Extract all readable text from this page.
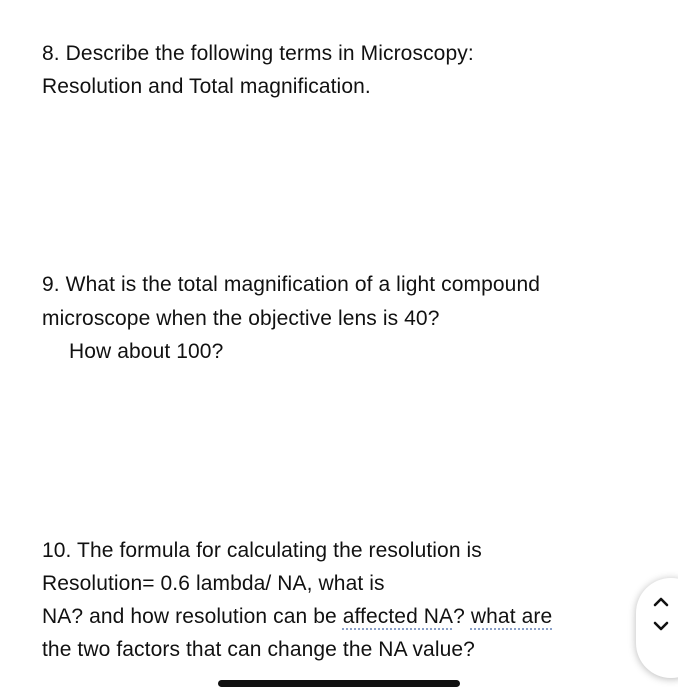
8. Describe the following terms in Microscopy:
Resolution and Total magnification.
9. What is the total magnification of a light compound
microscope when the objective lens is 40?
How about 100?
10. The formula for calculating the resolution is
Resolution= 0.6 lambda/ NA, what is
NA? and how resolution can be affected NA? what are
the two factors that can change the NA value?
